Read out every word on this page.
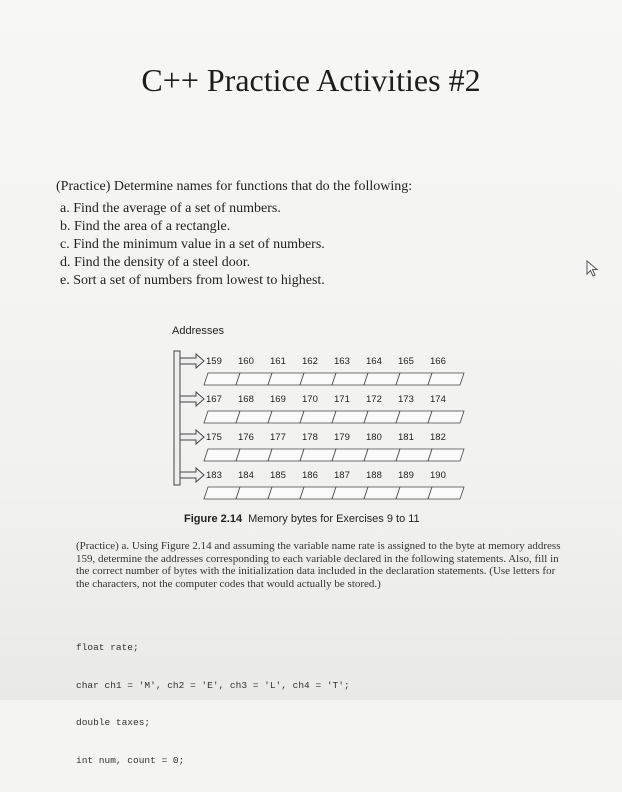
C++ Practice Activities #2

(Practice) Determine names for functions that do the following:

a. Find the average of a set of numbers.

b. Find the area of a rectangle.

c. Find the minimum value in a set of numbers.

d. Find the density of a steel door.

e. Sort a set of numbers from lowest to highest.

Addresses
159 160 161 162 163 164 165 166
167 168 169 170 171 172 173 174
175 176 177 178 179 180 181 182
183 184 185 186 187 188 189 190
Figure 2.14 Memory bytes for Exercises 9 to 11

(Practice) a. Using Figure 2.14 and assuming the variable name rate is assigned to the byte at memory address 159, determine the addresses corresponding to each variable declared in the following statements. Also, fill in the correct number of bytes with the initialization data included in the declaration statements. (Use letters for the characters, not the computer codes that would actually be stored.)

float rate;

char ch1 = 'M', ch2 = 'E', ch3 = 'L', ch4 = 'T';

double taxes;

int num, count = 0;
